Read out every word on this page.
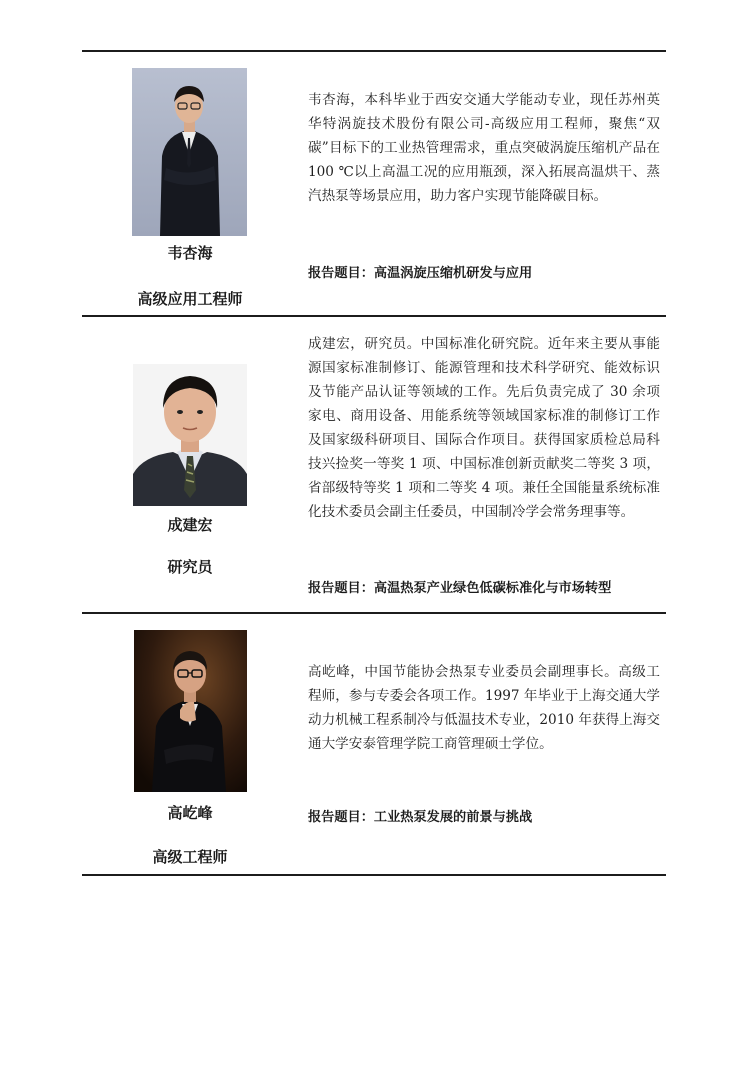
韦杏海
高级应用工程师
韦杏海，本科毕业于西安交通大学能动专业，现任苏州英华特涡旋技术股份有限公司-高级应用工程师，聚焦“双碳”目标下的工业热管理需求，重点突破涡旋压缩机产品在 100 ℃以上高温工况的应用瓶颈，深入拓展高温烘干、蒸汽热泵等场景应用，助力客户实现节能降碳目标。
报告题目：高温涡旋压缩机研发与应用
成建宏
研究员
成建宏，研究员。中国标准化研究院。近年来主要从事能源国家标准制修订、能源管理和技术科学研究、能效标识及节能产品认证等领域的工作。先后负责完成了 30 余项家电、商用设备、用能系统等领域国家标准的制修订工作及国家级科研项目、国际合作项目。获得国家质检总局科技兴捡奖一等奖 1 项、中国标准创新贡献奖二等奖 3 项，省部级特等奖 1 项和二等奖 4 项。兼任全国能量系统标准化技术委员会副主任委员，中国制冷学会常务理事等。
报告题目：高温热泵产业绿色低碳标准化与市场转型
高屹峰
高级工程师
高屹峰，中国节能协会热泵专业委员会副理事长。高级工程师，参与专委会各项工作。1997 年毕业于上海交通大学动力机械工程系制冷与低温技术专业，2010 年获得上海交通大学安泰管理学院工商管理硕士学位。
报告题目：工业热泵发展的前景与挑战
